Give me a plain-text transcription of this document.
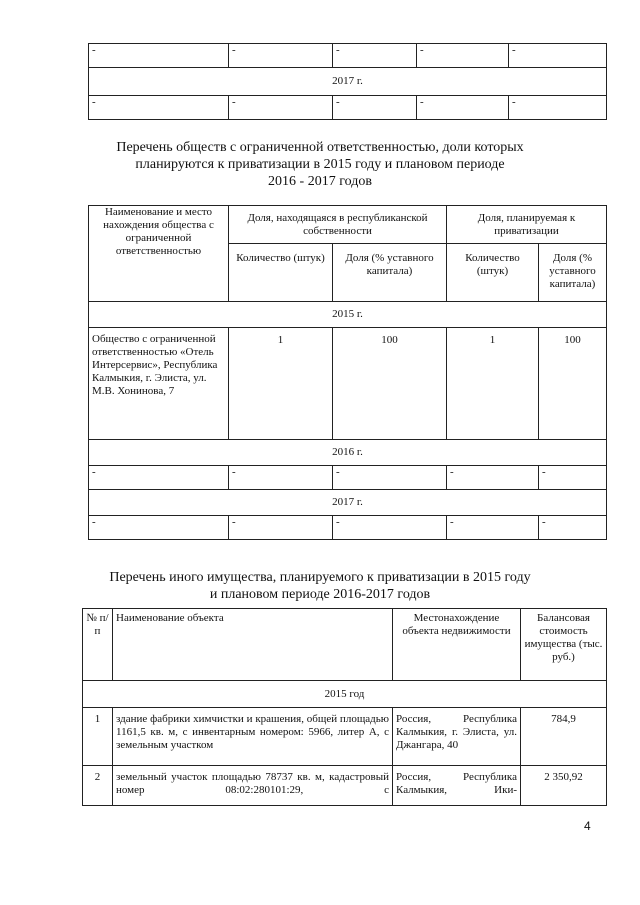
-	-	-	-	-
2017 г.				
-	-	-	-	-
Перечень обществ с ограниченной ответственностью, доли которых
планируются к приватизации в 2015 году и плановом периоде
2016 - 2017 годов
Наименование и место нахождения общества с ограниченной ответственностью	Доля, находящаяся в республиканской собственности		Доля, планируемая к приватизации	
	Количество (штук)	Доля (% уставного капитала)	Количество (штук)	Доля (% уставного капитала)
2015 г.				
Общество с ограниченной ответственностью «Отель Интерсервис», Республика Калмыкия, г. Элиста, ул. М.В. Хонинова, 7	1	100	1	100
2016 г.				
-	-	-	-	-
2017 г.				
-	-	-	-	-
Перечень иного имущества, планируемого к приватизации в 2015 году
и плановом периоде 2016-2017 годов
№ п/п	Наименование объекта	Местонахождение объекта недвижимости	Балансовая стоимость имущества (тыс. руб.)
2015 год			
1	здание фабрики химчистки и крашения, общей площадью 1161,5 кв. м, с инвентарным номером: 5966, литер А, с земельным участком	Россия, Республика Калмыкия, г. Элиста, ул. Джангара, 40	784,9
2	земельный участок площадью 78737 кв. м, кадастровый номер 08:02:280101:29, с	Россия, Республика Калмыкия, Ики-	2 350,92
4
